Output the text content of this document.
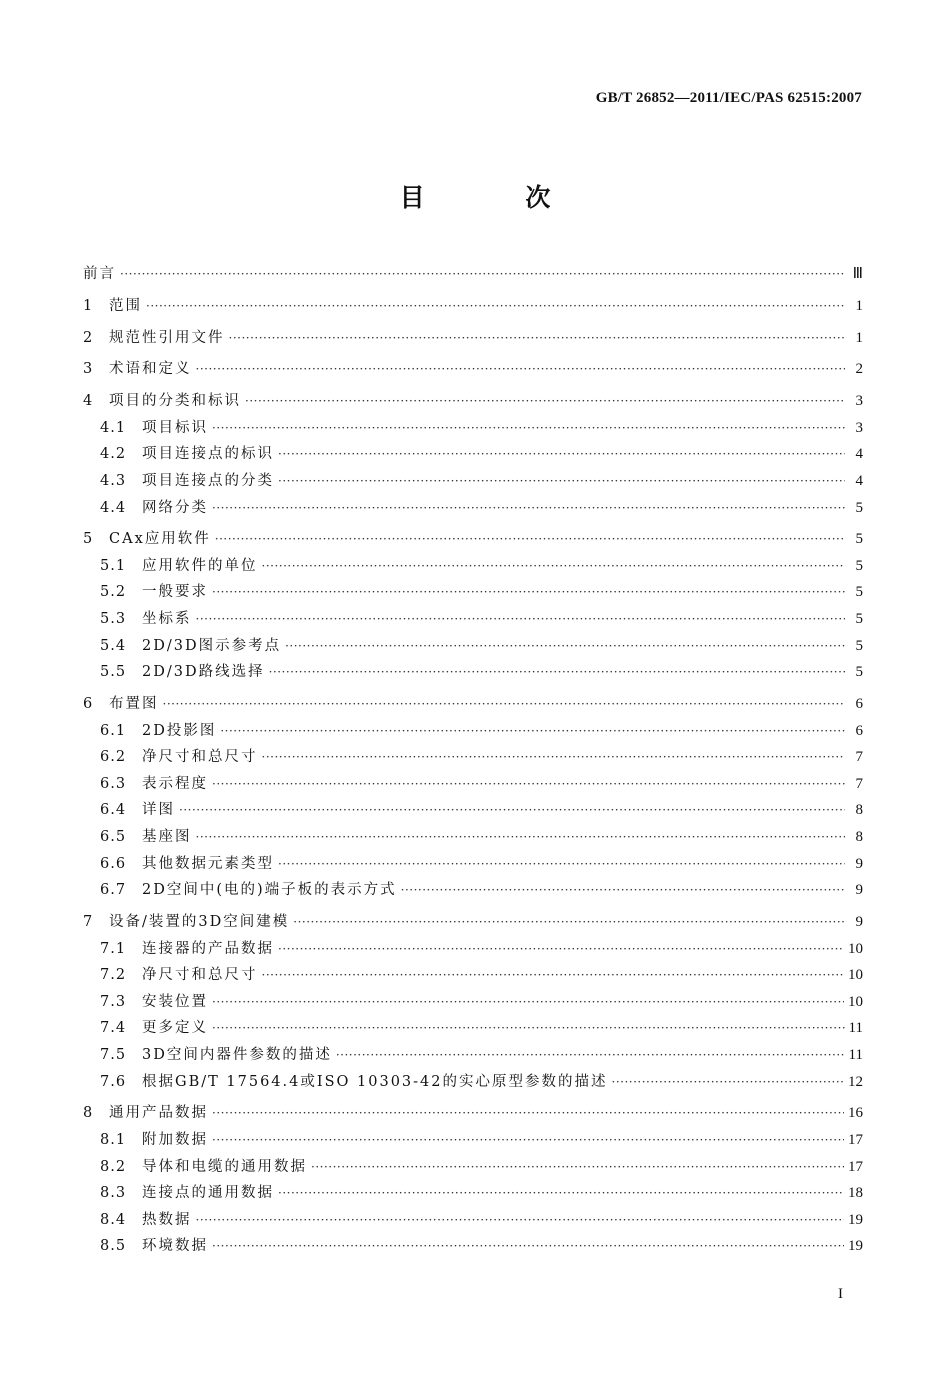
GB/T 26852—2011/IEC/PAS 62515:2007
目 次
前言 ·····	Ⅲ
1	范围 ·····	1
2	规范性引用文件 ·····	1
3	术语和定义 ·····	2
4	项目的分类和标识 ·····	3
4.1	项目标识 ·····	3
4.2	项目连接点的标识 ·····	4
4.3	项目连接点的分类 ·····	4
4.4	网络分类 ·····	5
5	CAx应用软件 ·····	5
5.1	应用软件的单位 ·····	5
5.2	一般要求 ·····	5
5.3	坐标系 ·····	5
5.4	2D/3D图示参考点 ·····	5
5.5	2D/3D路线选择 ·····	5
6	布置图 ·····	6
6.1	2D投影图 ·····	6
6.2	净尺寸和总尺寸 ·····	7
6.3	表示程度 ·····	7
6.4	详图 ·····	8
6.5	基座图 ·····	8
6.6	其他数据元素类型 ·····	9
6.7	2D空间中(电的)端子板的表示方式 ·····	9
7	设备/装置的3D空间建模 ·····	9
7.1	连接器的产品数据 ·····	10
7.2	净尺寸和总尺寸 ·····	10
7.3	安装位置 ·····	10
7.4	更多定义 ·····	11
7.5	3D空间内器件参数的描述 ·····	11
7.6	根据GB/T 17564.4或ISO 10303-42的实心原型参数的描述 ·····	12
8	通用产品数据 ·····	16
8.1	附加数据 ·····	17
8.2	导体和电缆的通用数据 ·····	17
8.3	连接点的通用数据 ·····	18
8.4	热数据 ·····	19
8.5	环境数据 ·····	19
I
